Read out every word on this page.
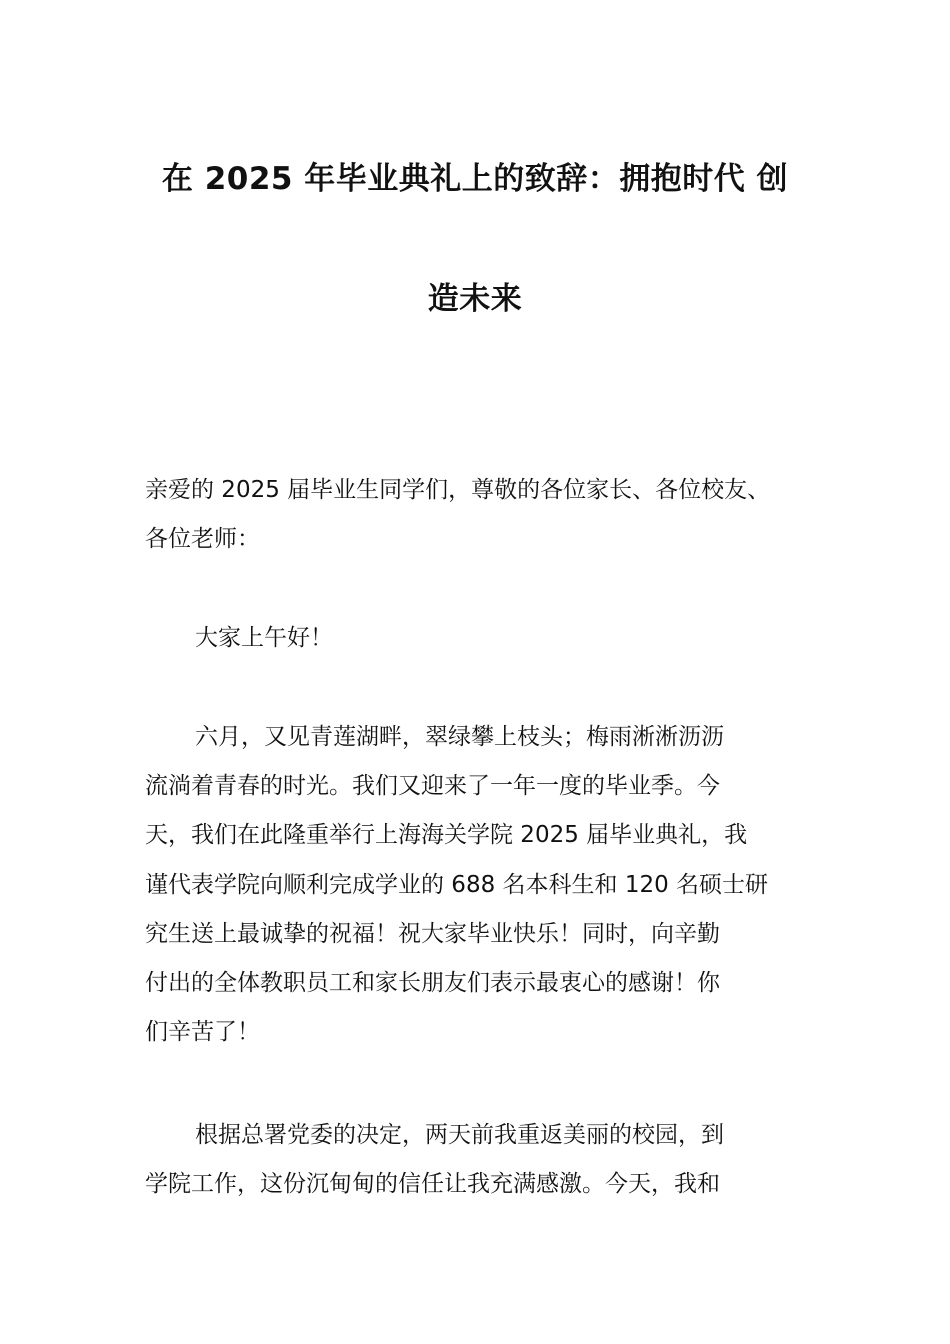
在 2025 年毕业典礼上的致辞：拥抱时代 创
造未来
亲爱的 2025 届毕业生同学们，尊敬的各位家长、各位校友、
各位老师：
大家上午好！
六月，又见青莲湖畔，翠绿攀上枝头；梅雨淅淅沥沥
流淌着青春的时光。我们又迎来了一年一度的毕业季。今
天，我们在此隆重举行上海海关学院 2025 届毕业典礼，我
谨代表学院向顺利完成学业的 688 名本科生和 120 名硕士研
究生送上最诚挚的祝福！祝大家毕业快乐！同时，向辛勤
付出的全体教职员工和家长朋友们表示最衷心的感谢！你
们辛苦了！
根据总署党委的决定，两天前我重返美丽的校园，到
学院工作，这份沉甸甸的信任让我充满感激。今天，我和
